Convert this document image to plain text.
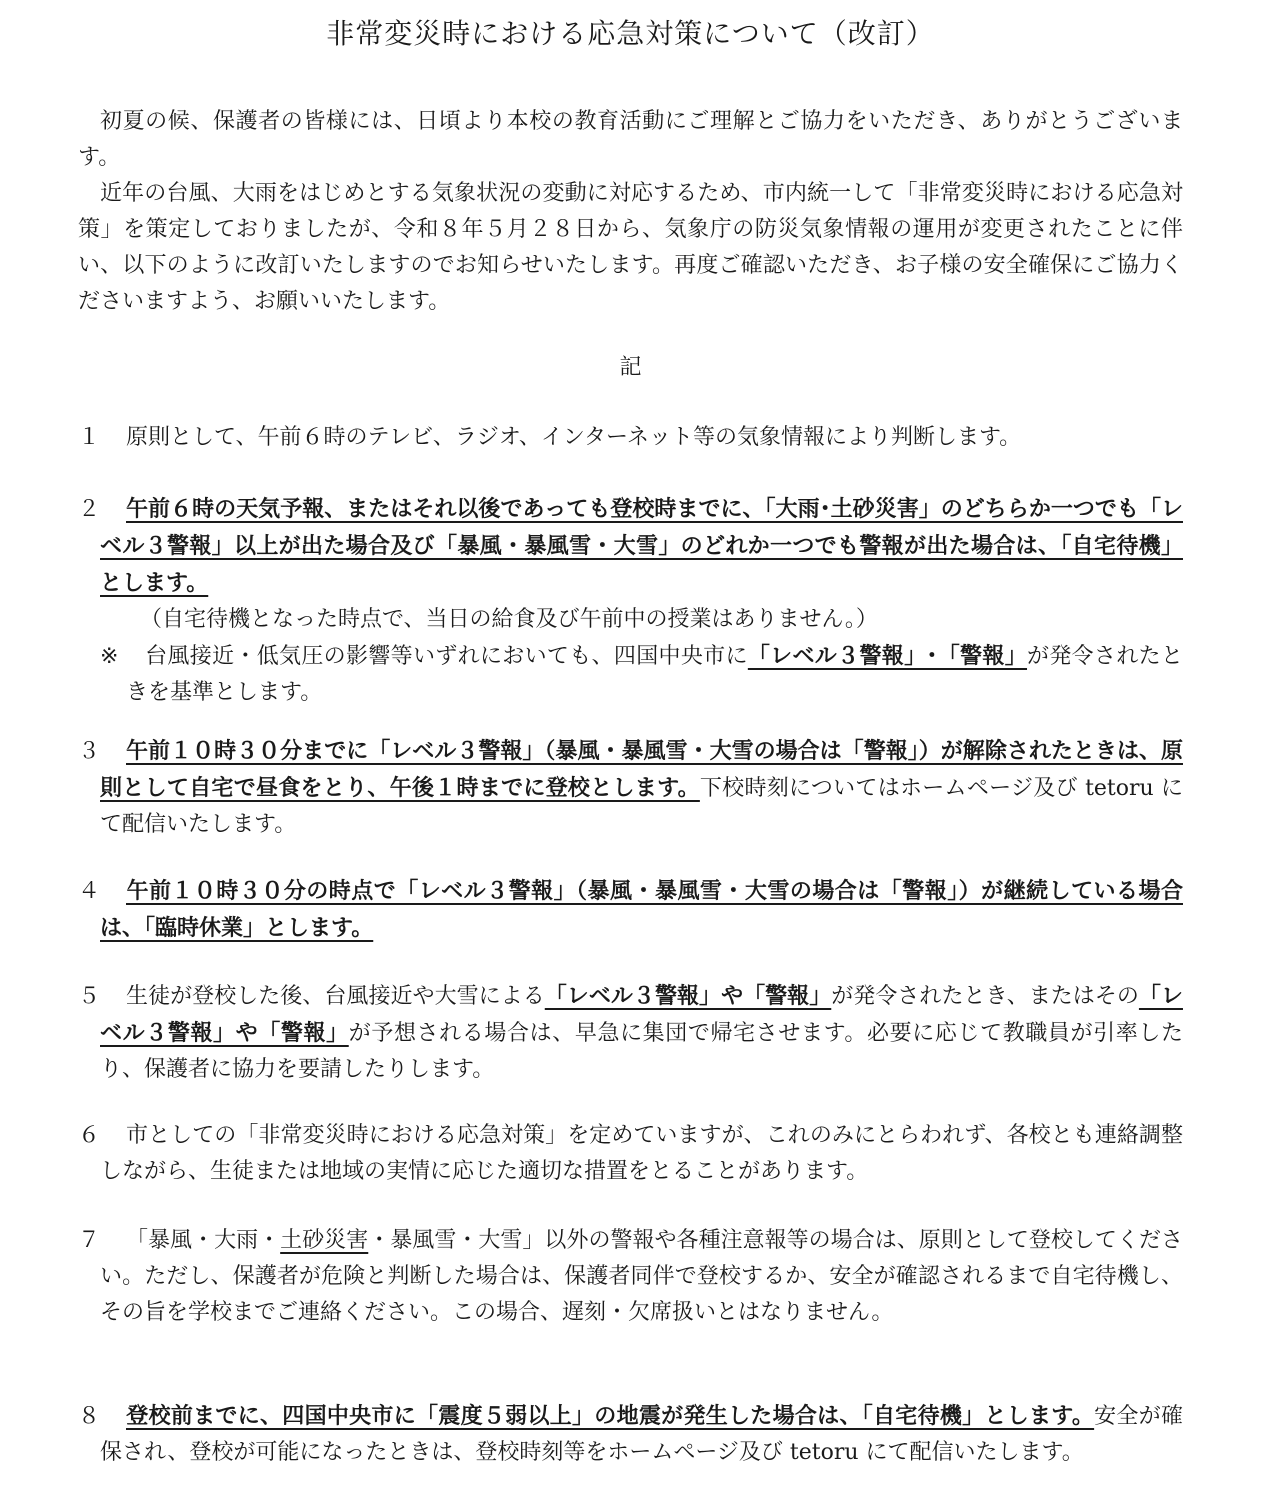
非常変災時における応急対策について（改訂）

初夏の候、保護者の皆様には、日頃より本校の教育活動にご理解とご協力をいただき、ありがとうございます。

近年の台風、大雨をはじめとする気象状況の変動に対応するため、市内統一して「非常変災時における応急対策」を策定しておりましたが、令和８年５月２８日から、気象庁の防災気象情報の運用が変更されたことに伴い、以下のように改訂いたしますのでお知らせいたします。再度ご確認いただき、お子様の安全確保にご協力くださいますよう、お願いいたします。

記

１ 原則として、午前６時のテレビ、ラジオ、インターネット等の気象情報により判断します。

２ 午前６時の天気予報、またはそれ以後であっても登校時までに、「大雨･土砂災害」のどちらか一つでも「レベル３警報」以上が出た場合及び「暴風・暴風雪・大雪」のどれか一つでも警報が出た場合は、「自宅待機」とします。

（自宅待機となった時点で、当日の給食及び午前中の授業はありません。）

※ 台風接近・低気圧の影響等いずれにおいても、四国中央市に「レベル３警報」･「警報」が発令されたときを基準とします。

３ 午前１０時３０分までに「レベル３警報」（暴風・暴風雪・大雪の場合は「警報」）が解除されたときは、原則として自宅で昼食をとり、午後１時までに登校とします。下校時刻についてはホームページ及び tetoru にて配信いたします。

４ 午前１０時３０分の時点で「レベル３警報」（暴風・暴風雪・大雪の場合は「警報」）が継続している場合は、「臨時休業」とします。

５ 生徒が登校した後、台風接近や大雪による「レベル３警報」や「警報」が発令されたとき、またはその「レベル３警報」や「警報」が予想される場合は、早急に集団で帰宅させます。必要に応じて教職員が引率したり、保護者に協力を要請したりします。

６ 市としての「非常変災時における応急対策」を定めていますが、これのみにとらわれず、各校とも連絡調整しながら、生徒または地域の実情に応じた適切な措置をとることがあります。

７ 「暴風・大雨・土砂災害・暴風雪・大雪」以外の警報や各種注意報等の場合は、原則として登校してください。ただし、保護者が危険と判断した場合は、保護者同伴で登校するか、安全が確認されるまで自宅待機し、その旨を学校までご連絡ください。この場合、遅刻・欠席扱いとはなりません。

８ 登校前までに、四国中央市に「震度５弱以上」の地震が発生した場合は、「自宅待機」とします。安全が確保され、登校が可能になったときは、登校時刻等をホームページ及び tetoru にて配信いたします。
